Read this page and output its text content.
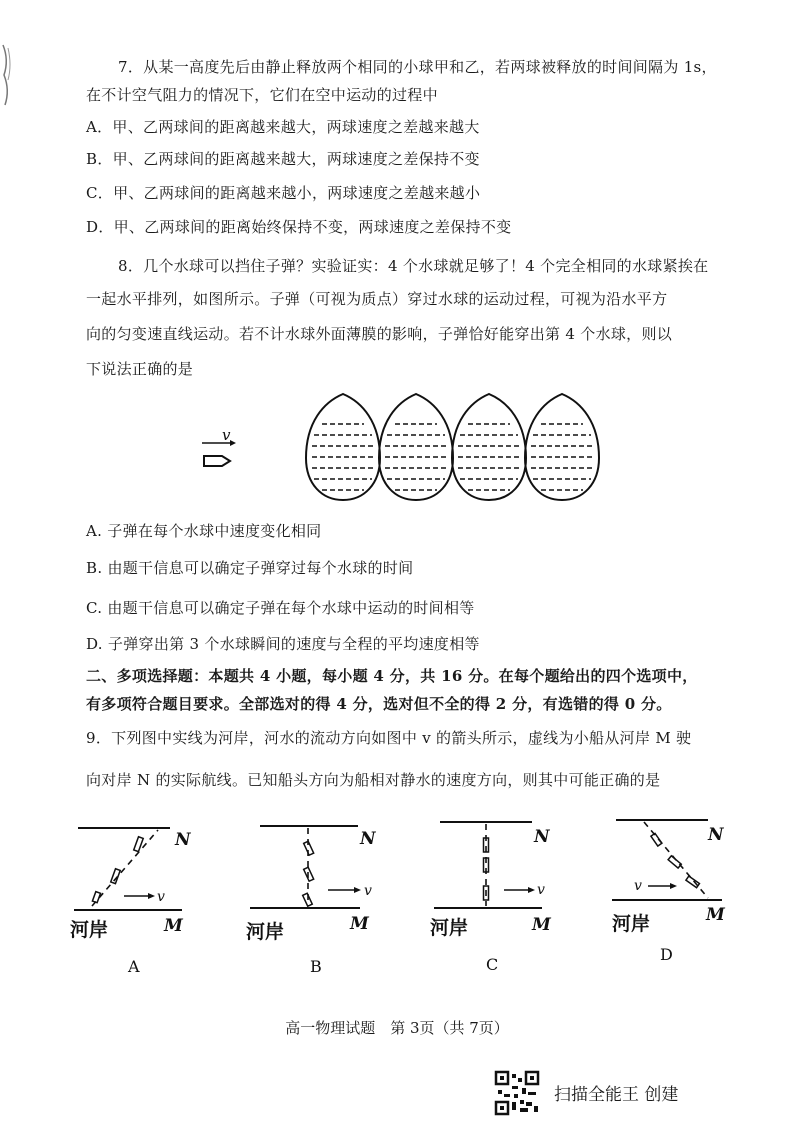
7．从某一高度先后由静止释放两个相同的小球甲和乙，若两球被释放的时间间隔为 1s，
在不计空气阻力的情况下，它们在空中运动的过程中
A．甲、乙两球间的距离越来越大，两球速度之差越来越大
B．甲、乙两球间的距离越来越大，两球速度之差保持不变
C．甲、乙两球间的距离越来越小，两球速度之差越来越小
D．甲、乙两球间的距离始终保持不变，两球速度之差保持不变
8．几个水球可以挡住子弹？实验证实：4 个水球就足够了！4 个完全相同的水球紧挨在
一起水平排列，如图所示。子弹（可视为质点）穿过水球的运动过程，可视为沿水平方
向的匀变速直线运动。若不计水球外面薄膜的影响，子弹恰好能穿出第 4 个水球，则以
下说法正确的是
v
A. 子弹在每个水球中速度变化相同
B. 由题干信息可以确定子弹穿过每个水球的时间
C. 由题干信息可以确定子弹在每个水球中运动的时间相等
D. 子弹穿出第 3 个水球瞬间的速度与全程的平均速度相等
二、多项选择题：本题共 4 小题，每小题 4 分，共 16 分。在每个题给出的四个选项中，
有多项符合题目要求。全部选对的得 4 分，选对但不全的得 2 分，有选错的得 0 分。
9．下列图中实线为河岸，河水的流动方向如图中 v 的箭头所示，虚线为小船从河岸 M 驶
向对岸 N 的实际航线。已知船头方向为船相对静水的速度方向，则其中可能正确的是
N
v
M
河岸
A
N
v
M
河岸
B
N
v
M
河岸
C
N
v
M
河岸
D
高一物理试题　第 3页（共 7页）
扫描全能王 创建
